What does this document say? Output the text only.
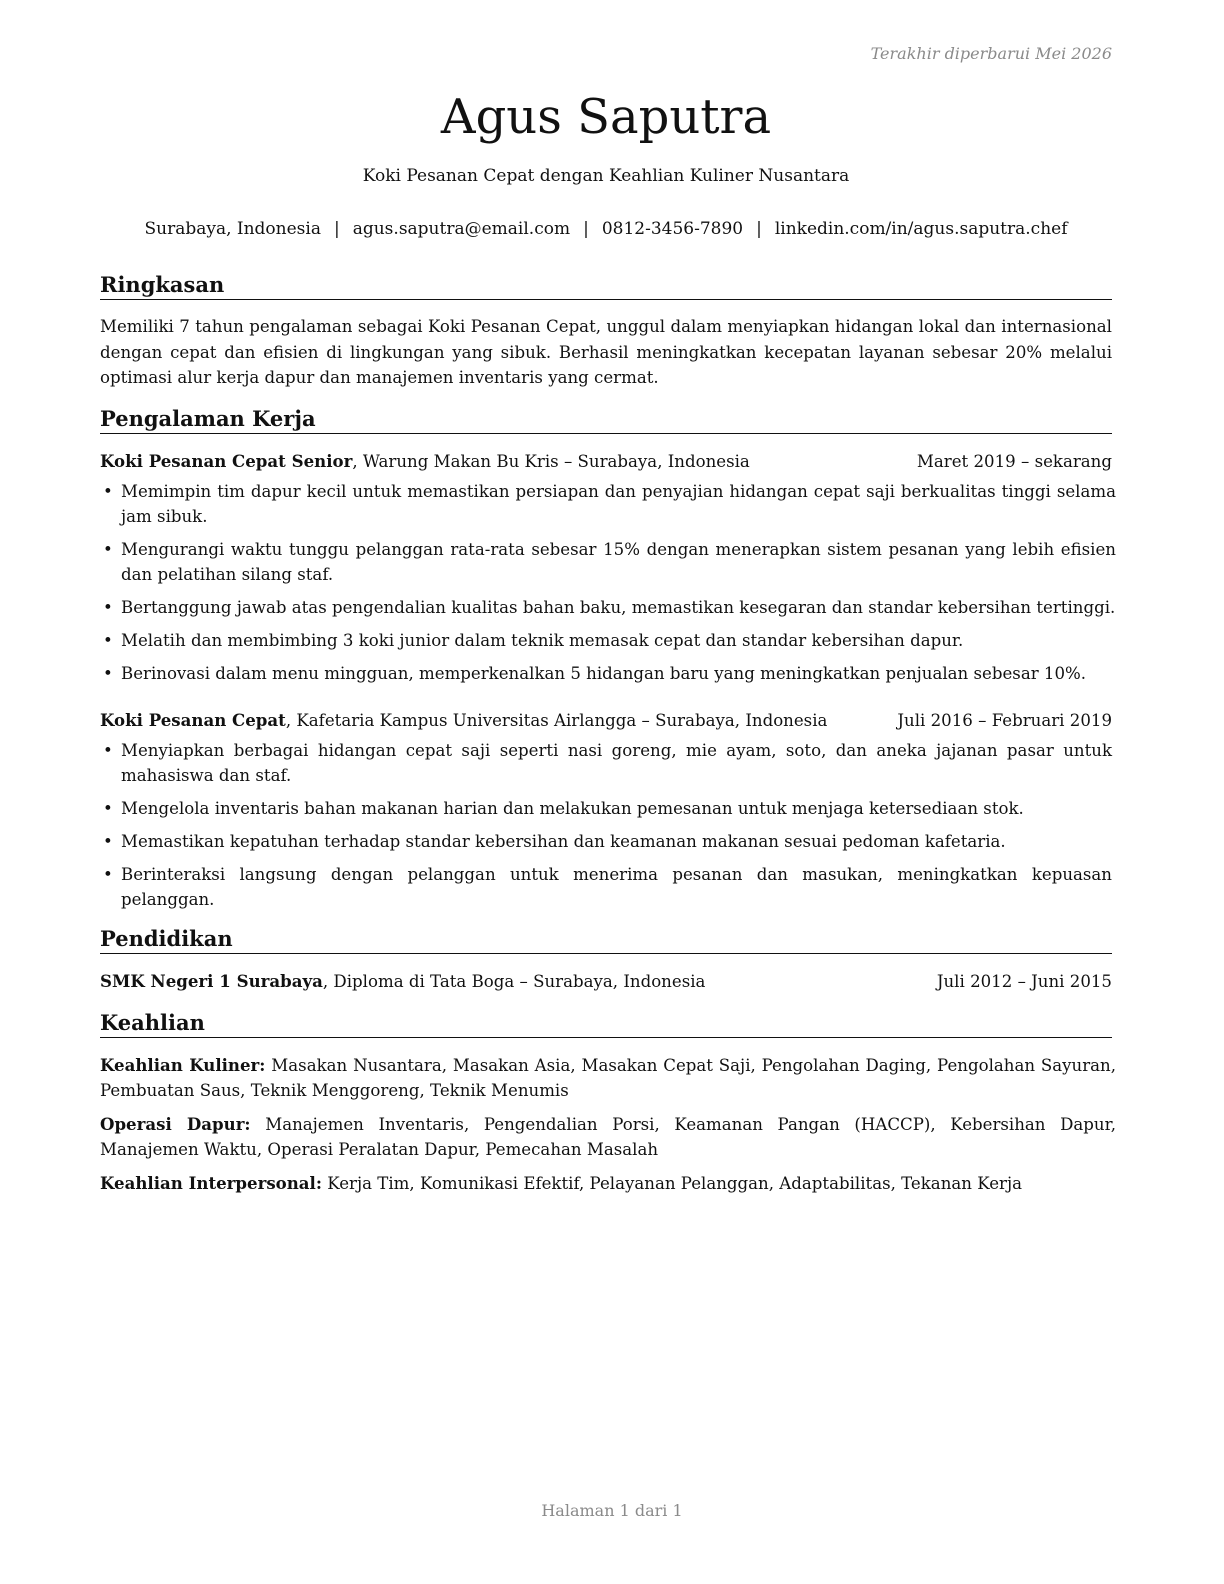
Terakhir diperbarui Mei 2026
Agus Saputra
Koki Pesanan Cepat dengan Keahlian Kuliner Nusantara
Surabaya, Indonesia | agus.saputra@email.com | 0812-3456-7890 | linkedin.com/in/agus.saputra.chef
Ringkasan
Memiliki 7 tahun pengalaman sebagai Koki Pesanan Cepat, unggul dalam menyiapkan hidangan lokal dan internasional dengan cepat dan efisien di lingkungan yang sibuk. Berhasil meningkatkan kecepatan layanan sebesar 20% melalui optimasi alur kerja dapur dan manajemen inventaris yang cermat.
Pengalaman Kerja
Koki Pesanan Cepat Senior, Warung Makan Bu Kris – Surabaya, Indonesia	Maret 2019 – sekarang
• Memimpin tim dapur kecil untuk memastikan persiapan dan penyajian hidangan cepat saji berkualitas tinggi selama jam sibuk.
• Mengurangi waktu tunggu pelanggan rata-rata sebesar 15% dengan menerapkan sistem pesanan yang lebih efisien dan pelatihan silang staf.
• Bertanggung jawab atas pengendalian kualitas bahan baku, memastikan kesegaran dan standar kebersihan tertinggi.
• Melatih dan membimbing 3 koki junior dalam teknik memasak cepat dan standar kebersihan dapur.
• Berinovasi dalam menu mingguan, memperkenalkan 5 hidangan baru yang meningkatkan penjualan sebesar 10%.
Koki Pesanan Cepat, Kafetaria Kampus Universitas Airlangga – Surabaya, Indonesia	Juli 2016 – Februari 2019
• Menyiapkan berbagai hidangan cepat saji seperti nasi goreng, mie ayam, soto, dan aneka jajanan pasar untuk mahasiswa dan staf.
• Mengelola inventaris bahan makanan harian dan melakukan pemesanan untuk menjaga ketersediaan stok.
• Memastikan kepatuhan terhadap standar kebersihan dan keamanan makanan sesuai pedoman kafetaria.
• Berinteraksi langsung dengan pelanggan untuk menerima pesanan dan masukan, meningkatkan kepuasan pelanggan.
Pendidikan
SMK Negeri 1 Surabaya, Diploma di Tata Boga – Surabaya, Indonesia	Juli 2012 – Juni 2015
Keahlian
Keahlian Kuliner: Masakan Nusantara, Masakan Asia, Masakan Cepat Saji, Pengolahan Daging, Pengolahan Sayuran, Pembuatan Saus, Teknik Menggoreng, Teknik Menumis
Operasi Dapur: Manajemen Inventaris, Pengendalian Porsi, Keamanan Pangan (HACCP), Kebersihan Dapur, Manajemen Waktu, Operasi Peralatan Dapur, Pemecahan Masalah
Keahlian Interpersonal: Kerja Tim, Komunikasi Efektif, Pelayanan Pelanggan, Adaptabilitas, Tekanan Kerja
Halaman 1 dari 1
